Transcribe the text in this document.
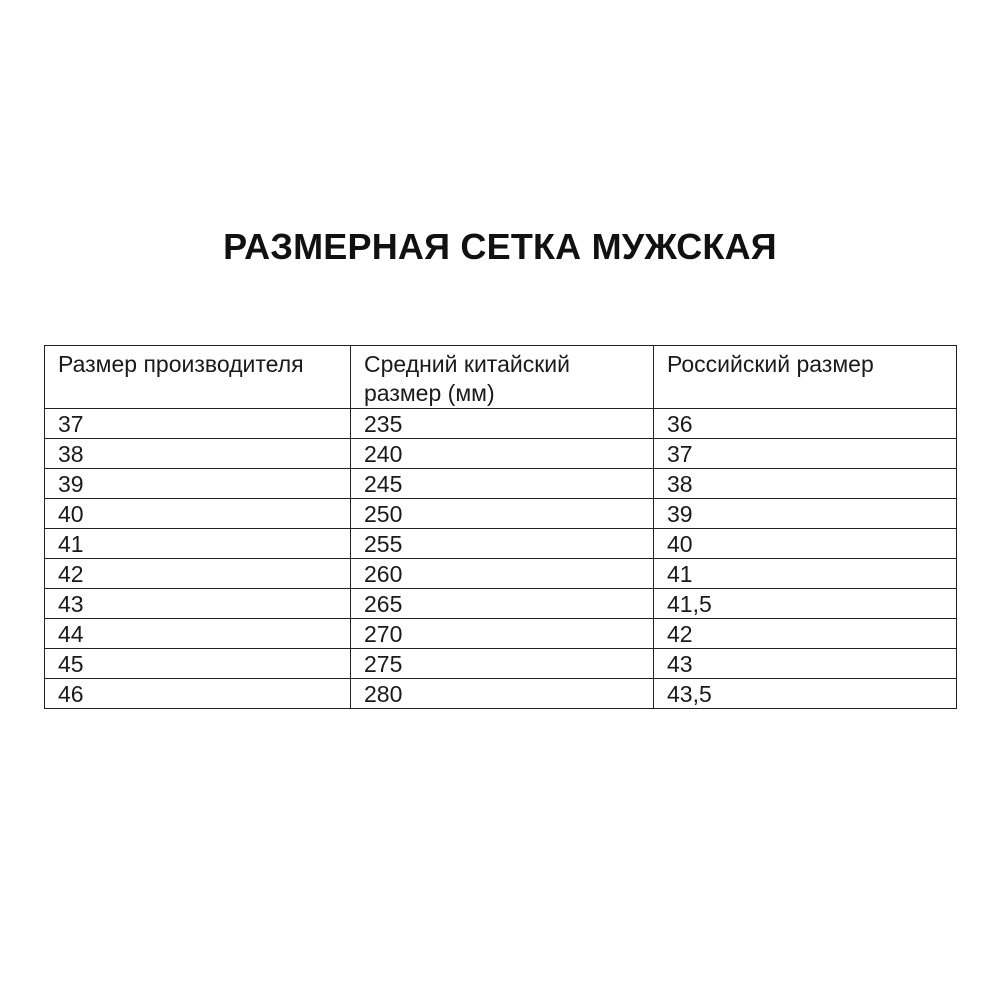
РАЗМЕРНАЯ СЕТКА МУЖСКАЯ
Размер производителя	Средний китайский размер (мм)	Российский размер
37	235	36
38	240	37
39	245	38
40	250	39
41	255	40
42	260	41
43	265	41,5
44	270	42
45	275	43
46	280	43,5
